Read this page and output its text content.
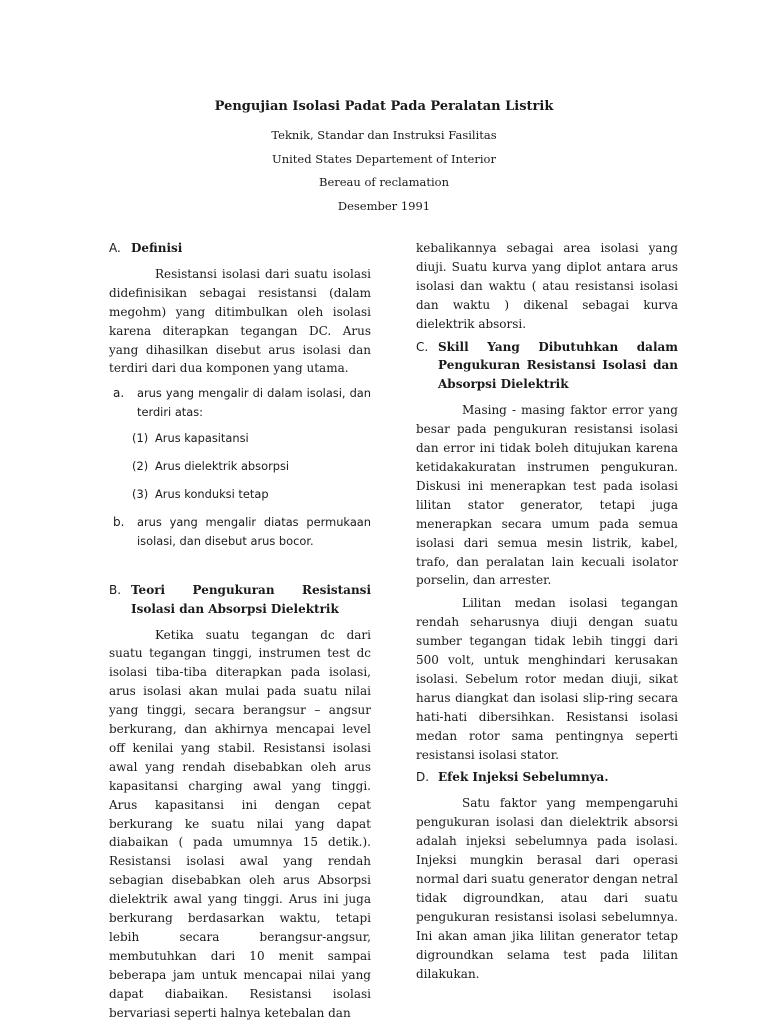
Pengujian Isolasi Padat Pada Peralatan Listrik
Teknik, Standar dan Instruksi Fasilitas
United States Departement of Interior
Bereau of reclamation
Desember 1991
A. Definisi

Resistansi isolasi dari suatu isolasi didefinisikan sebagai resistansi (dalam megohm) yang ditimbulkan oleh isolasi karena diterapkan tegangan DC. Arus yang dihasilkan disebut arus isolasi dan terdiri dari dua komponen yang utama.

a. arus yang mengalir di dalam isolasi, dan terdiri atas:
(1) Arus kapasitansi
(2) Arus dielektrik absorpsi
(3) Arus konduksi tetap
b. arus yang mengalir diatas permukaan isolasi, dan disebut arus bocor.
B. Teori Pengukuran Resistansi Isolasi dan Absorpsi Dielektrik

Ketika suatu tegangan dc dari suatu tegangan tinggi, instrumen test dc isolasi tiba-tiba diterapkan pada isolasi, arus isolasi akan mulai pada suatu nilai yang tinggi, secara berangsur – angsur berkurang, dan akhirnya mencapai level off kenilai yang stabil. Resistansi isolasi awal yang rendah disebabkan oleh arus kapasitansi charging awal yang tinggi. Arus kapasitansi ini dengan cepat berkurang ke suatu nilai yang dapat diabaikan ( pada umumnya 15 detik.). Resistansi isolasi awal yang rendah sebagian disebabkan oleh arus Absorpsi dielektrik awal yang tinggi. Arus ini juga berkurang berdasarkan waktu, tetapi lebih secara berangsur-angsur, membutuhkan dari 10 menit sampai beberapa jam untuk mencapai nilai yang dapat diabaikan. Resistansi isolasi bervariasi seperti halnya ketebalan dan

kebalikannya sebagai area isolasi yang diuji. Suatu kurva yang diplot antara arus isolasi dan waktu ( atau resistansi isolasi dan waktu ) dikenal sebagai kurva dielektrik absorsi.

C. Skill Yang Dibutuhkan dalam Pengukuran Resistansi Isolasi dan Absorpsi Dielektrik

Masing - masing faktor error yang besar pada pengukuran resistansi isolasi dan error ini tidak boleh ditujukan karena ketidakakuratan instrumen pengukuran. Diskusi ini menerapkan test pada isolasi lilitan stator generator, tetapi juga menerapkan secara umum pada semua isolasi dari semua mesin listrik, kabel, trafo, dan peralatan lain kecuali isolator porselin, dan arrester.

Lilitan medan isolasi tegangan rendah seharusnya diuji dengan suatu sumber tegangan tidak lebih tinggi dari 500 volt, untuk menghindari kerusakan isolasi. Sebelum rotor medan diuji, sikat harus diangkat dan isolasi slip-ring secara hati-hati dibersihkan. Resistansi isolasi medan rotor sama pentingnya seperti resistansi isolasi stator.

D. Efek Injeksi Sebelumnya.

Satu faktor yang mempengaruhi pengukuran isolasi dan dielektrik absorsi adalah injeksi sebelumnya pada isolasi. Injeksi mungkin berasal dari operasi normal dari suatu generator dengan netral tidak digroundkan, atau dari suatu pengukuran resistansi isolasi sebelumnya. Ini akan aman jika lilitan generator tetap digroundkan selama test pada lilitan dilakukan.
